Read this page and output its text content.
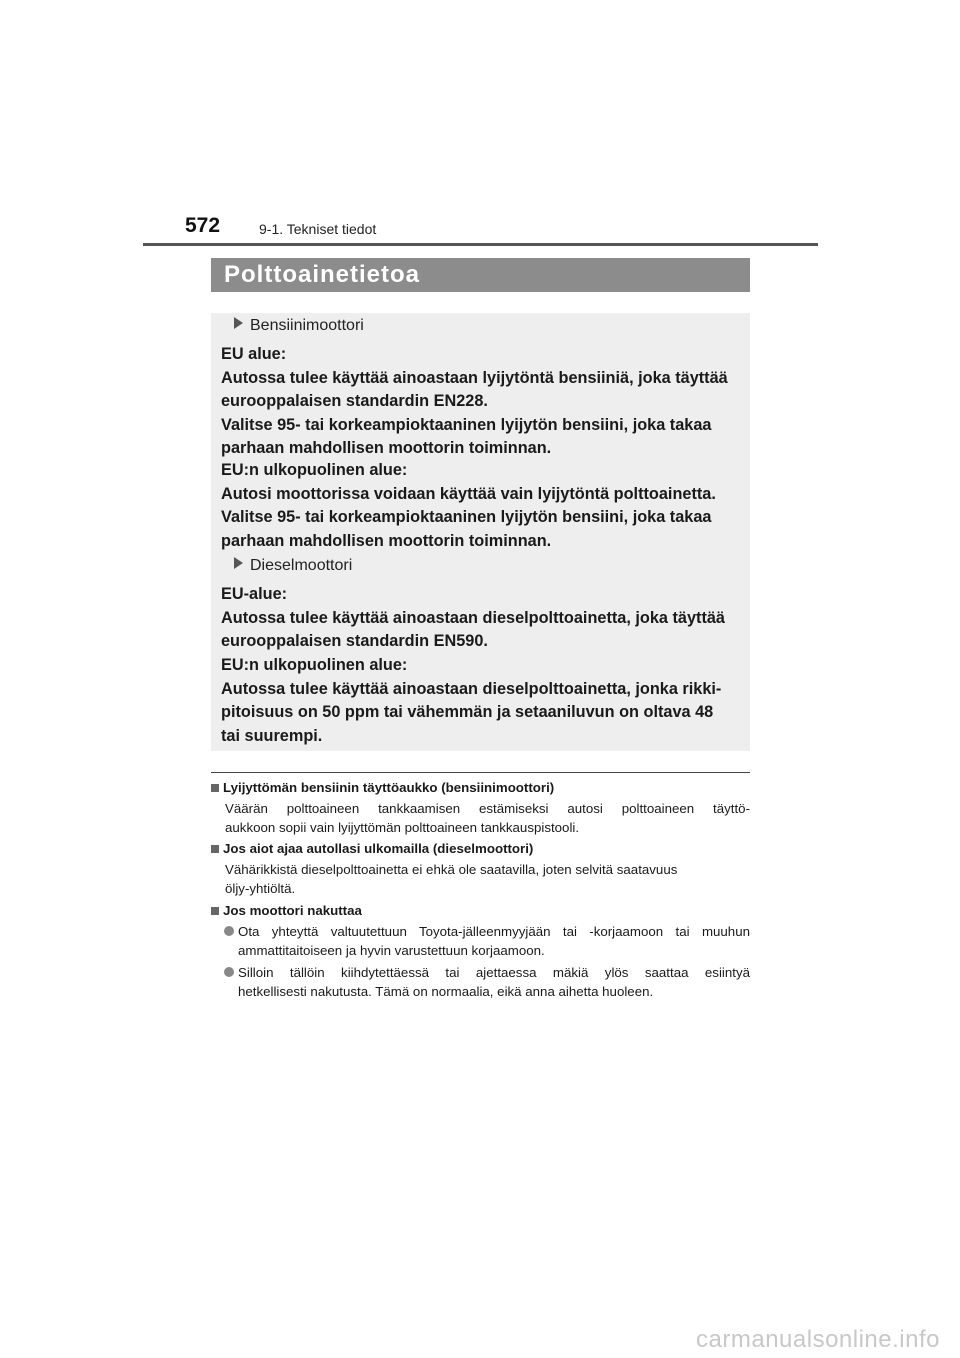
572	9-1. Tekniset tiedot
Polttoainetietoa
Bensiinimoottori
EU alue:
Autossa tulee käyttää ainoastaan lyijytöntä bensiiniä, joka täyttää
eurooppalaisen standardin EN228.
Valitse 95- tai korkeampioktaaninen lyijytön bensiini, joka takaa
parhaan mahdollisen moottorin toiminnan.
EU:n ulkopuolinen alue:
Autosi moottorissa voidaan käyttää vain lyijytöntä polttoainetta.
Valitse 95- tai korkeampioktaaninen lyijytön bensiini, joka takaa
parhaan mahdollisen moottorin toiminnan.
Dieselmoottori
EU-alue:
Autossa tulee käyttää ainoastaan dieselpolttoainetta, joka täyttää
eurooppalaisen standardin EN590.
EU:n ulkopuolinen alue:
Autossa tulee käyttää ainoastaan dieselpolttoainetta, jonka rikki-
pitoisuus on 50 ppm tai vähemmän ja setaaniluvun on oltava 48
tai suurempi.
Lyijyttömän bensiinin täyttöaukko (bensiinimoottori)
Väärän polttoaineen tankkaamisen estämiseksi autosi polttoaineen täyttö-
aukkoon sopii vain lyijyttömän polttoaineen tankkauspistooli.
Jos aiot ajaa autollasi ulkomailla (dieselmoottori)
Vähärikkistä dieselpolttoainetta ei ehkä ole saatavilla, joten selvitä saatavuus
öljy-yhtiöltä.
Jos moottori nakuttaa
Ota yhteyttä valtuutettuun Toyota-jälleenmyyjään tai -korjaamoon tai muuhun
ammattitaitoiseen ja hyvin varustettuun korjaamoon.
Silloin tällöin kiihdytettäessä tai ajettaessa mäkiä ylös saattaa esiintyä
hetkellisesti nakutusta. Tämä on normaalia, eikä anna aihetta huoleen.
carmanualsonline.info
